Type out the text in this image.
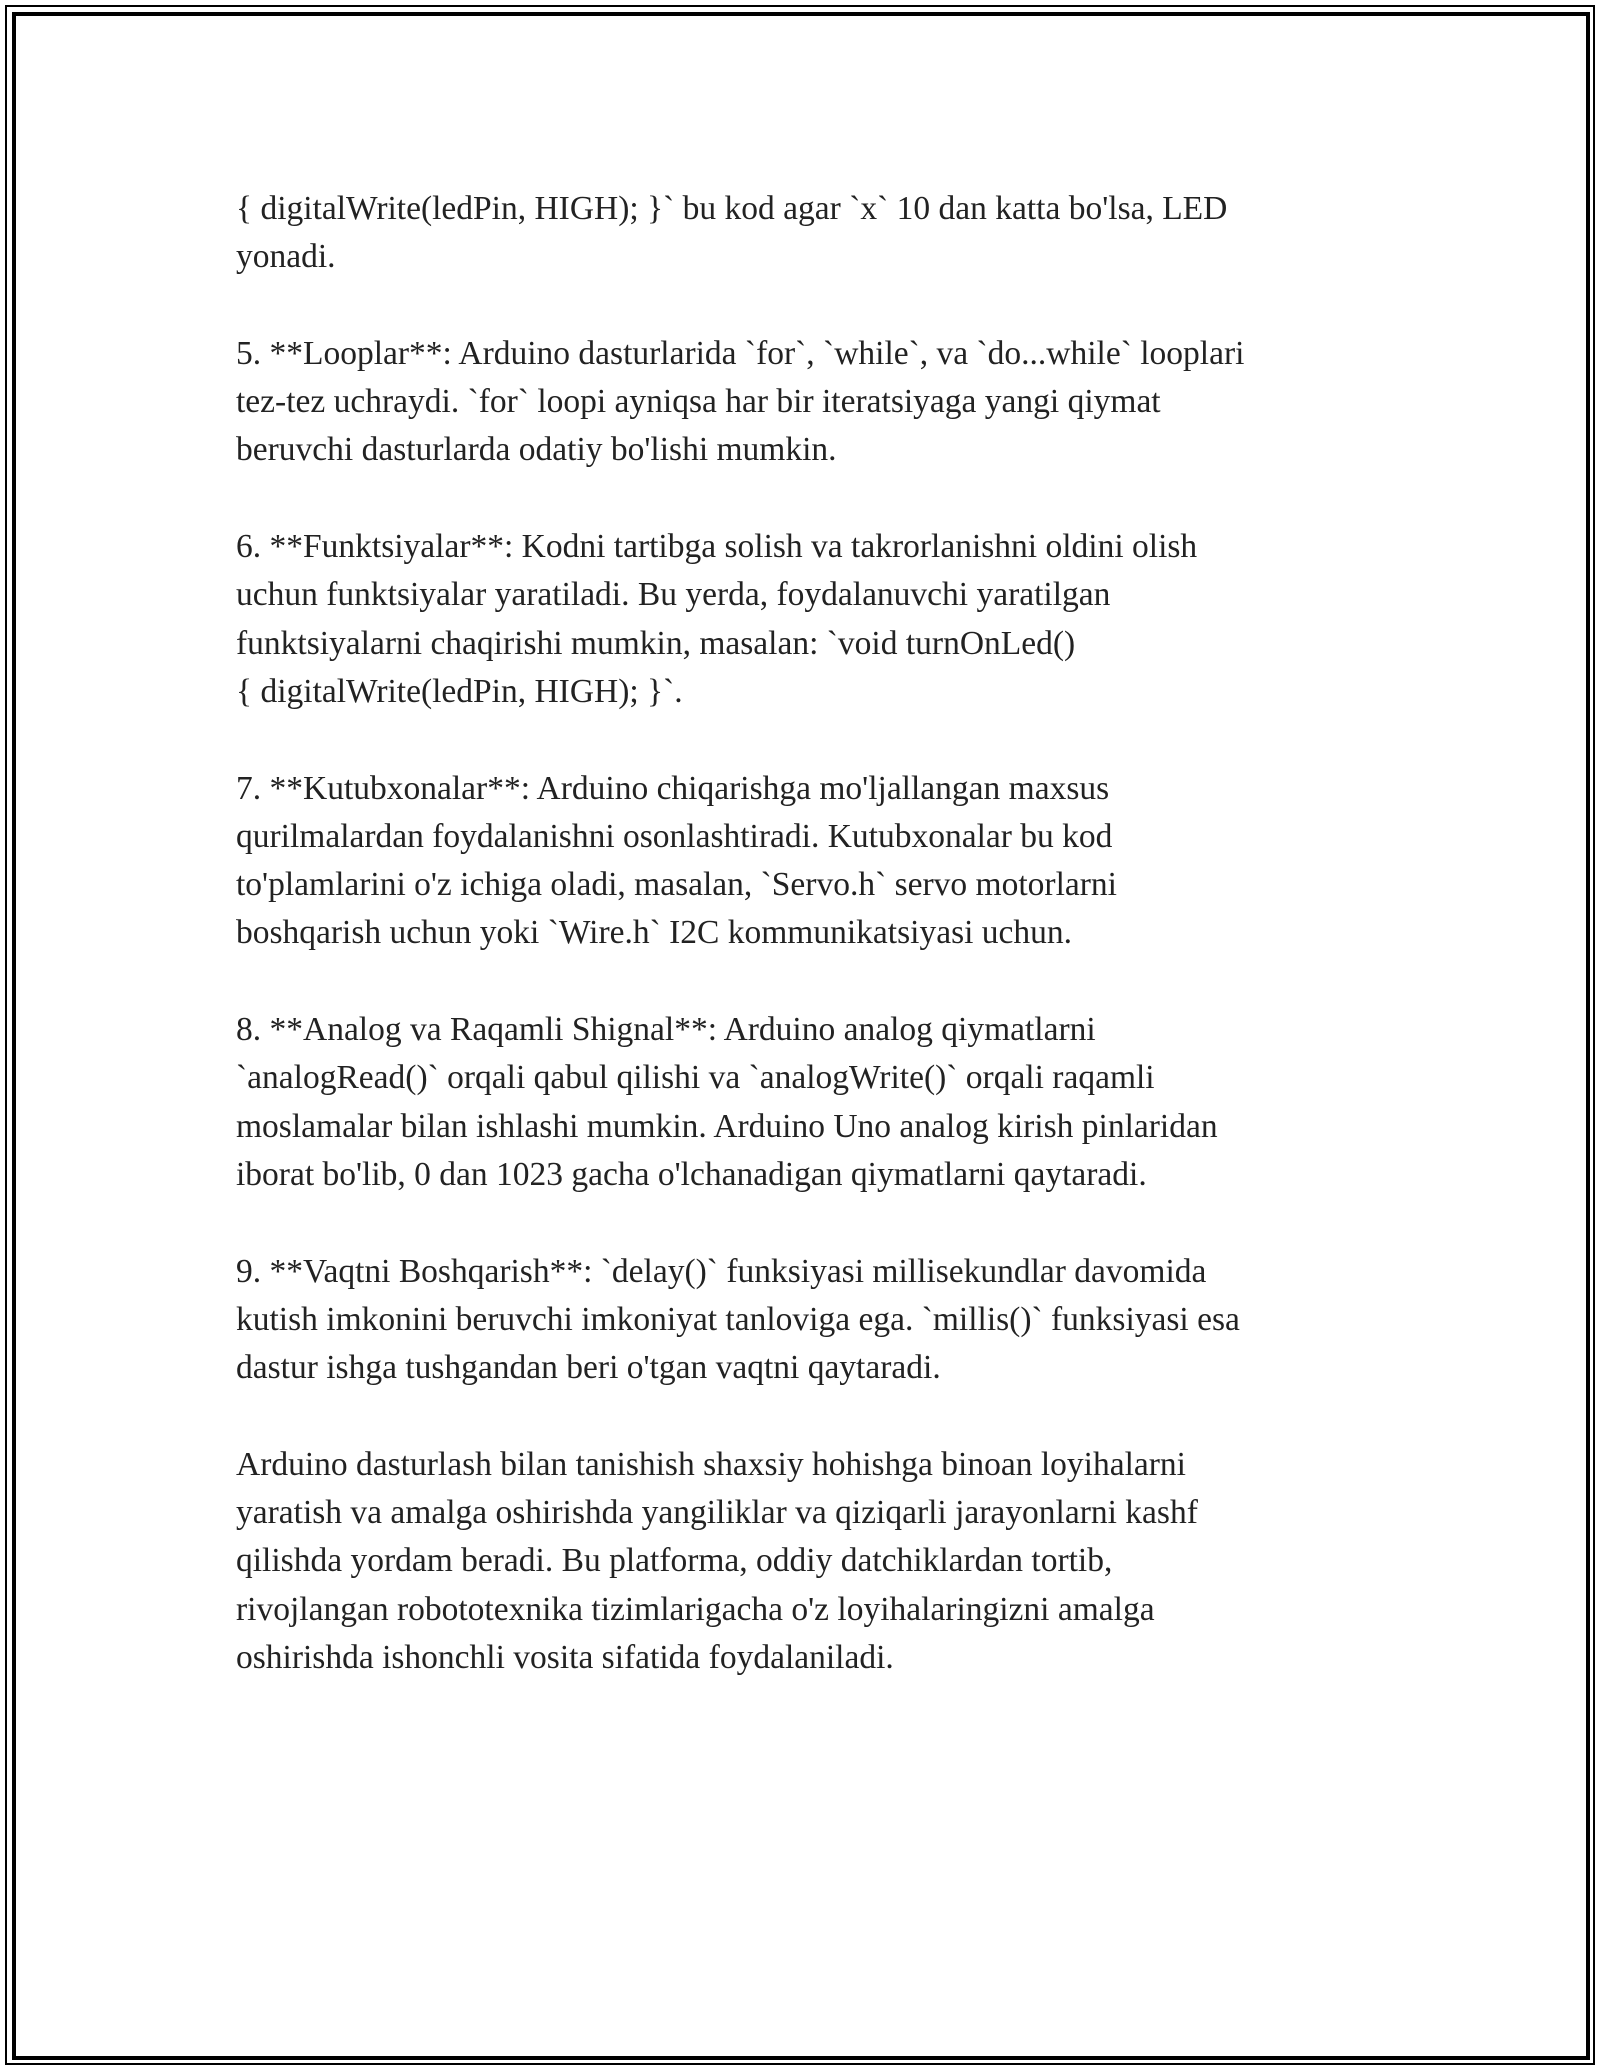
{ digitalWrite(ledPin, HIGH); }` bu kod agar `x` 10 dan katta bo'lsa, LED
yonadi.

5. **Looplar**: Arduino dasturlarida `for`, `while`, va `do...while` looplari
tez-tez uchraydi. `for` loopi ayniqsa har bir iteratsiyaga yangi qiymat
beruvchi dasturlarda odatiy bo'lishi mumkin.

6. **Funktsiyalar**: Kodni tartibga solish va takrorlanishni oldini olish
uchun funktsiyalar yaratiladi. Bu yerda, foydalanuvchi yaratilgan
funktsiyalarni chaqirishi mumkin, masalan: `void turnOnLed()
{ digitalWrite(ledPin, HIGH); }`.

7. **Kutubxonalar**: Arduino chiqarishga mo'ljallangan maxsus
qurilmalardan foydalanishni osonlashtiradi. Kutubxonalar bu kod
to'plamlarini o'z ichiga oladi, masalan, `Servo.h` servo motorlarni
boshqarish uchun yoki `Wire.h` I2C kommunikatsiyasi uchun.

8. **Analog va Raqamli Shignal**: Arduino analog qiymatlarni
`analogRead()` orqali qabul qilishi va `analogWrite()` orqali raqamli
moslamalar bilan ishlashi mumkin. Arduino Uno analog kirish pinlaridan
iborat bo'lib, 0 dan 1023 gacha o'lchanadigan qiymatlarni qaytaradi.

9. **Vaqtni Boshqarish**: `delay()` funksiyasi millisekundlar davomida
kutish imkonini beruvchi imkoniyat tanloviga ega. `millis()` funksiyasi esa
dastur ishga tushgandan beri o'tgan vaqtni qaytaradi.

Arduino dasturlash bilan tanishish shaxsiy hohishga binoan loyihalarni
yaratish va amalga oshirishda yangiliklar va qiziqarli jarayonlarni kashf
qilishda yordam beradi. Bu platforma, oddiy datchiklardan tortib,
rivojlangan robototexnika tizimlarigacha o'z loyihalaringizni amalga
oshirishda ishonchli vosita sifatida foydalaniladi.
